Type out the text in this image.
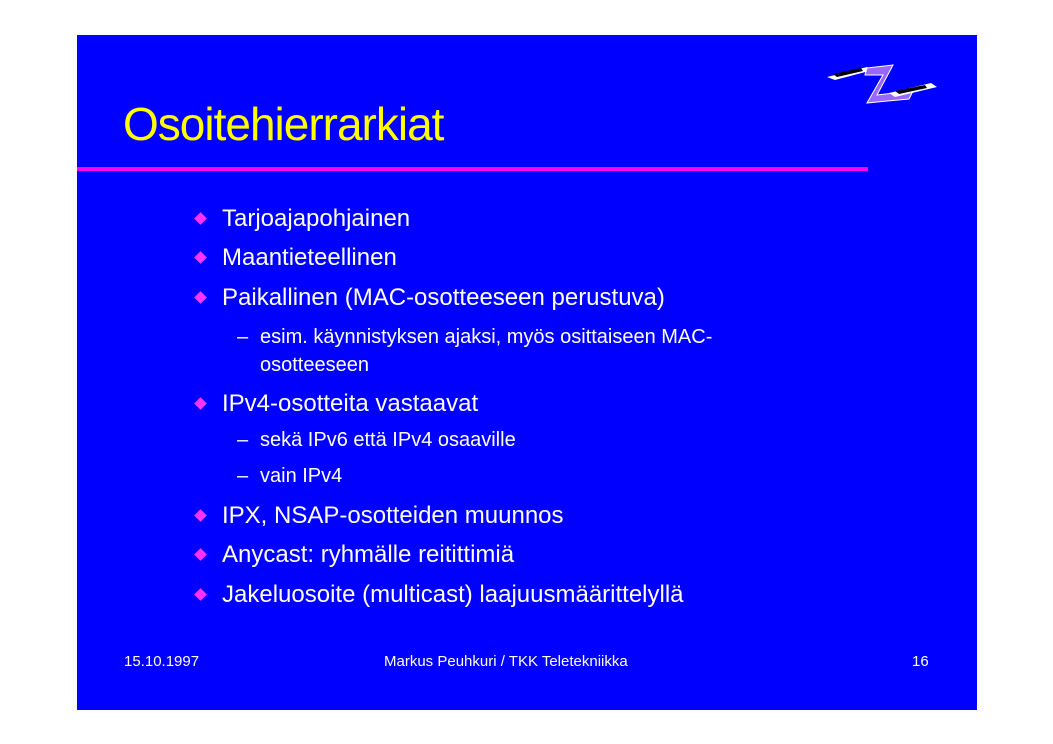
Osoitehierrarkiat
Tarjoajapohjainen
Maantieteellinen
Paikallinen (MAC-osotteeseen perustuva)
– esim. käynnistyksen ajaksi, myös osittaiseen MAC-
osotteeseen
IPv4-osotteita vastaavat
– sekä IPv6 että IPv4 osaaville
– vain IPv4
IPX, NSAP-osotteiden muunnos
Anycast: ryhmälle reitittimiä
Jakeluosoite (multicast) laajuusmäärittelyllä
15.10.1997	Markus Peuhkuri / TKK Teletekniikka	16
